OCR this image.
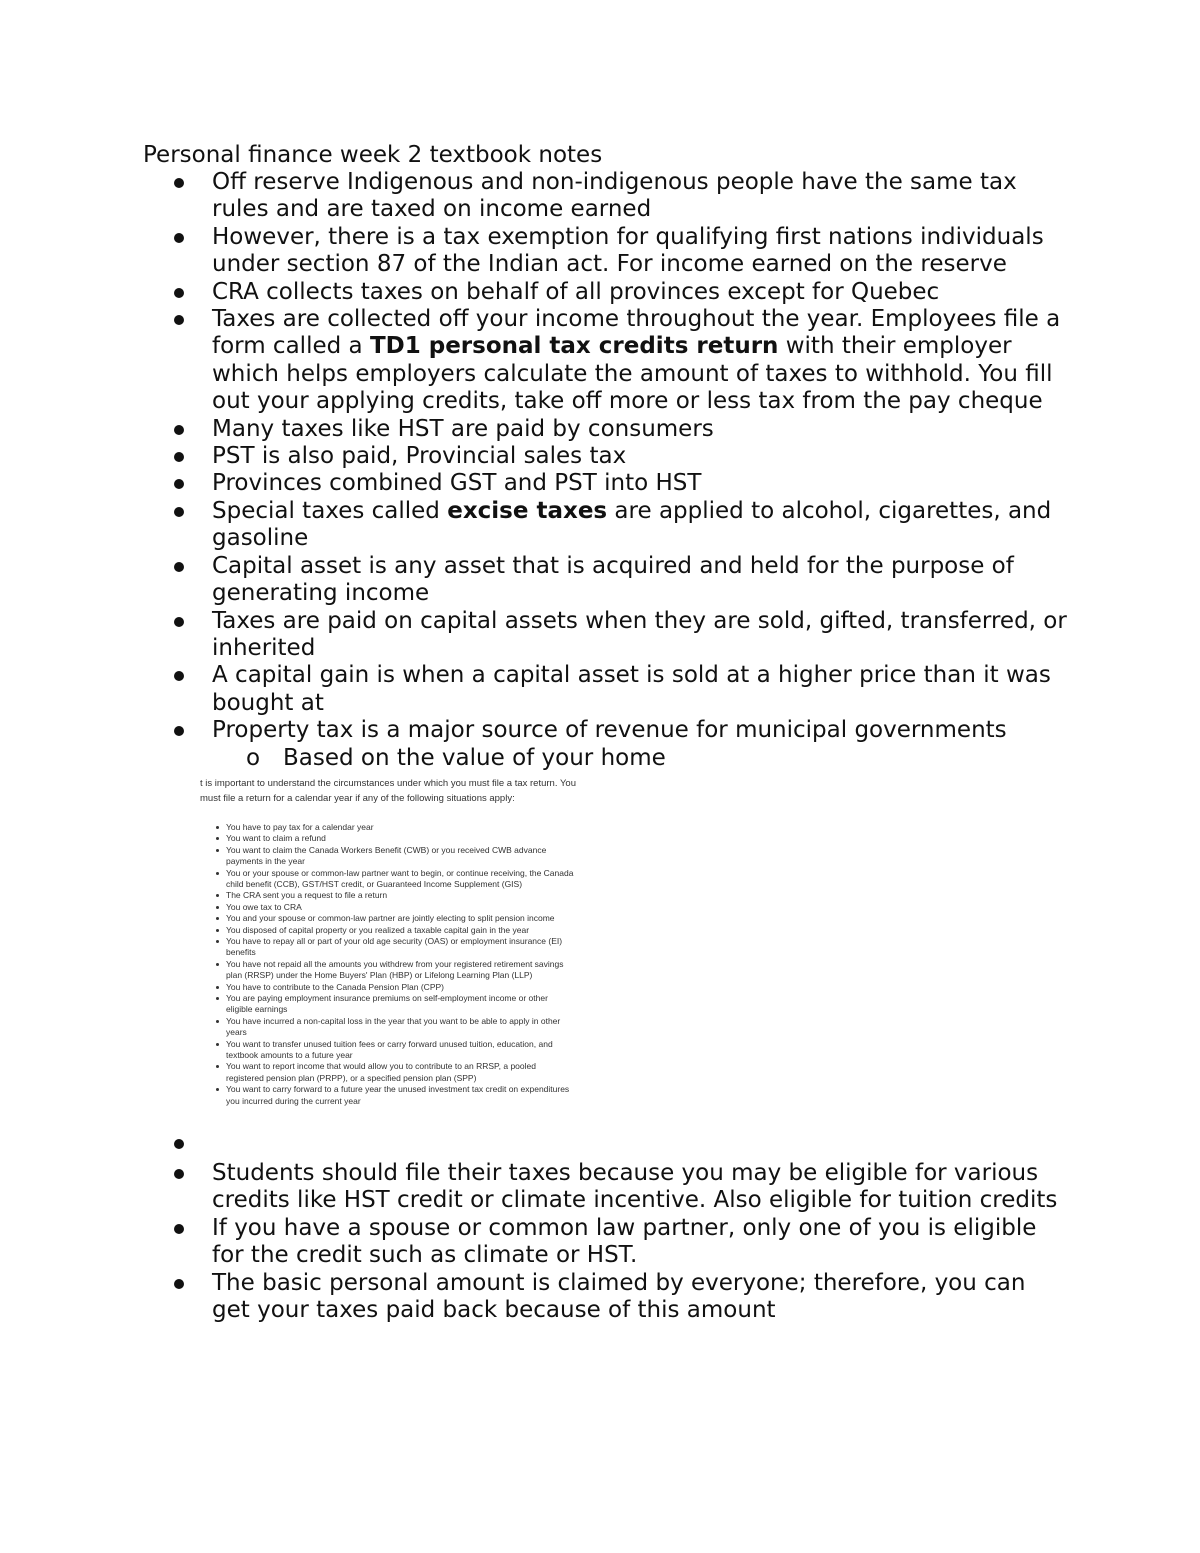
Personal finance week 2 textbook notes
Off reserve Indigenous and non-indigenous people have the same tax rules and are taxed on income earned
However, there is a tax exemption for qualifying first nations individuals under section 87 of the Indian act. For income earned on the reserve
CRA collects taxes on behalf of all provinces except for Quebec
Taxes are collected off your income throughout the year. Employees file a form called a TD1 personal tax credits return with their employer which helps employers calculate the amount of taxes to withhold. You fill out your applying credits, take off more or less tax from the pay cheque
Many taxes like HST are paid by consumers
PST is also paid, Provincial sales tax
Provinces combined GST and PST into HST
Special taxes called excise taxes are applied to alcohol, cigarettes, and gasoline
Capital asset is any asset that is acquired and held for the purpose of generating income
Taxes are paid on capital assets when they are sold, gifted, transferred, or inherited
A capital gain is when a capital asset is sold at a higher price than it was bought at
Property tax is a major source of revenue for municipal governments
o Based on the value of your home
t is important to understand the circumstances under which you must file a tax return. You must file a return for a calendar year if any of the following situations apply:
You have to pay tax for a calendar year
You want to claim a refund
You want to claim the Canada Workers Benefit (CWB) or you received CWB advance payments in the year
You or your spouse or common-law partner want to begin, or continue receiving, the Canada child benefit (CCB), GST/HST credit, or Guaranteed Income Supplement (GIS)
The CRA sent you a request to file a return
You owe tax to CRA
You and your spouse or common-law partner are jointly electing to split pension income
You disposed of capital property or you realized a taxable capital gain in the year
You have to repay all or part of your old age security (OAS) or employment insurance (EI) benefits
You have not repaid all the amounts you withdrew from your registered retirement savings plan (RRSP) under the Home Buyers' Plan (HBP) or Lifelong Learning Plan (LLP)
You have to contribute to the Canada Pension Plan (CPP)
You are paying employment insurance premiums on self-employment income or other eligible earnings
You have incurred a non-capital loss in the year that you want to be able to apply in other years
You want to transfer unused tuition fees or carry forward unused tuition, education, and textbook amounts to a future year
You want to report income that would allow you to contribute to an RRSP, a pooled registered pension plan (PRPP), or a specified pension plan (SPP)
You want to carry forward to a future year the unused investment tax credit on expenditures you incurred during the current year
Students should file their taxes because you may be eligible for various credits like HST credit or climate incentive. Also eligible for tuition credits
If you have a spouse or common law partner, only one of you is eligible for the credit such as climate or HST.
The basic personal amount is claimed by everyone; therefore, you can get your taxes paid back because of this amount
